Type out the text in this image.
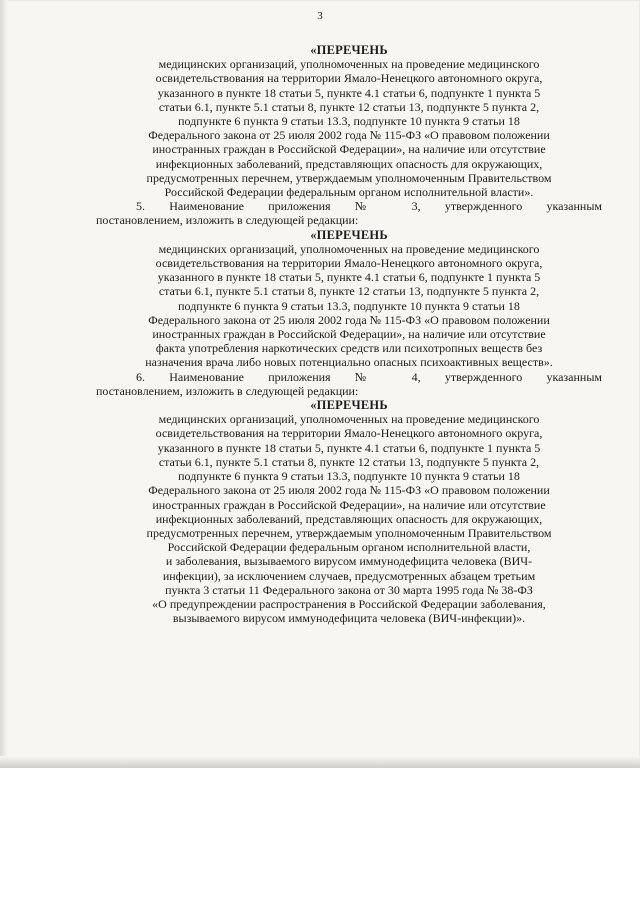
3
«ПЕРЕЧЕНЬ
медицинских организаций, уполномоченных на проведение медицинского
освидетельствования на территории Ямало-Ненецкого автономного округа,
указанного в пункте 18 статьи 5, пункте 4.1 статьи 6, подпункте 1 пункта 5
статьи 6.1, пункте 5.1 статьи 8, пункте 12 статьи 13, подпункте 5 пункта 2,
подпункте 6 пункта 9 статьи 13.3, подпункте 10 пункта 9 статьи 18
Федерального закона от 25 июля 2002 года № 115-ФЗ «О правовом положении
иностранных граждан в Российской Федерации», на наличие или отсутствие
инфекционных заболеваний, представляющих опасность для окружающих,
предусмотренных перечнем, утверждаемым уполномоченным Правительством
Российской Федерации федеральным органом исполнительной власти».

5. Наименование приложения № 3, утвержденного указанным

постановлением, изложить в следующей редакции:

«ПЕРЕЧЕНЬ
медицинских организаций, уполномоченных на проведение медицинского
освидетельствования на территории Ямало-Ненецкого автономного округа,
указанного в пункте 18 статьи 5, пункте 4.1 статьи 6, подпункте 1 пункта 5
статьи 6.1, пункте 5.1 статьи 8, пункте 12 статьи 13, подпункте 5 пункта 2,
подпункте 6 пункта 9 статьи 13.3, подпункте 10 пункта 9 статьи 18
Федерального закона от 25 июля 2002 года № 115-ФЗ «О правовом положении
иностранных граждан в Российской Федерации», на наличие или отсутствие
факта употребления наркотических средств или психотропных веществ без
назначения врача либо новых потенциально опасных психоактивных веществ».

6. Наименование приложения № 4, утвержденного указанным

постановлением, изложить в следующей редакции:

«ПЕРЕЧЕНЬ
медицинских организаций, уполномоченных на проведение медицинского
освидетельствования на территории Ямало-Ненецкого автономного округа,
указанного в пункте 18 статьи 5, пункте 4.1 статьи 6, подпункте 1 пункта 5
статьи 6.1, пункте 5.1 статьи 8, пункте 12 статьи 13, подпункте 5 пункта 2,
подпункте 6 пункта 9 статьи 13.3, подпункте 10 пункта 9 статьи 18
Федерального закона от 25 июля 2002 года № 115-ФЗ «О правовом положении
иностранных граждан в Российской Федерации», на наличие или отсутствие
инфекционных заболеваний, представляющих опасность для окружающих,
предусмотренных перечнем, утверждаемым уполномоченным Правительством
Российской Федерации федеральным органом исполнительной власти,
и заболевания, вызываемого вирусом иммунодефицита человека (ВИЧ-
инфекции), за исключением случаев, предусмотренных абзацем третьим
пункта 3 статьи 11 Федерального закона от 30 марта 1995 года № 38-ФЗ
«О предупреждении распространения в Российской Федерации заболевания,
вызываемого вирусом иммунодефицита человека (ВИЧ-инфекции)».
